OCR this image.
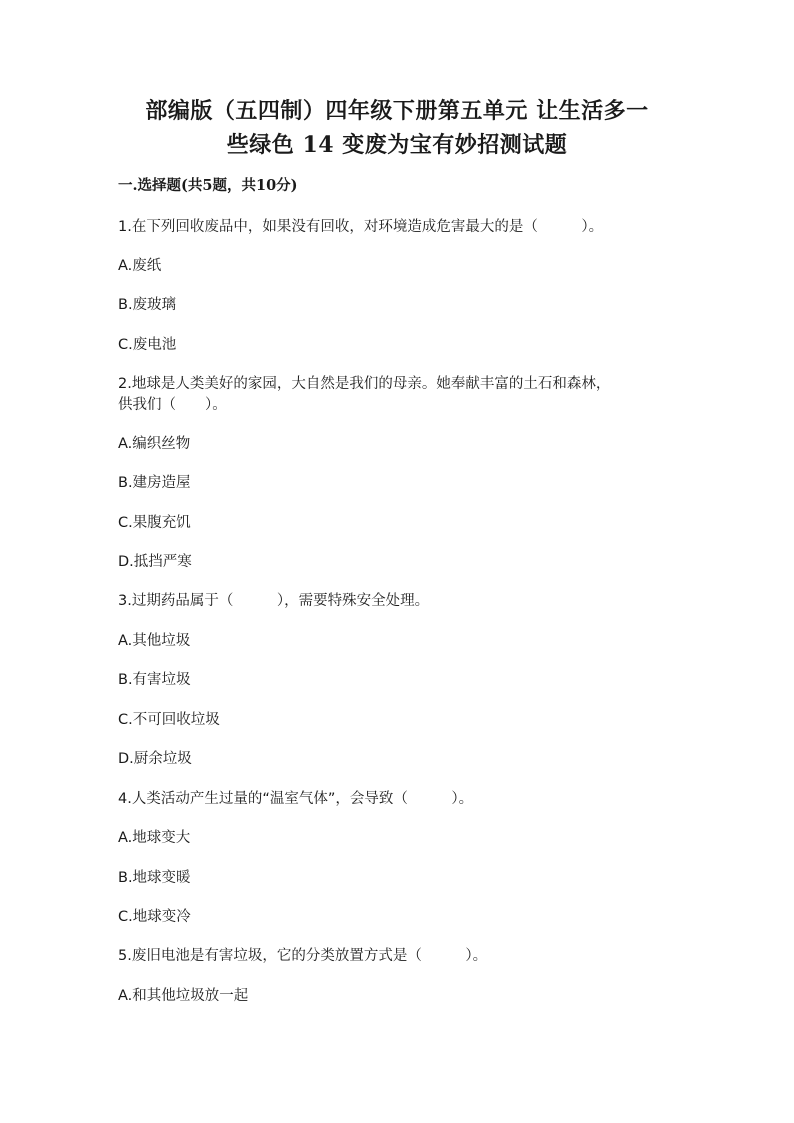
部编版（五四制）四年级下册第五单元 让生活多一
些绿色 14 变废为宝有妙招测试题
一.选择题(共5题，共10分)
1.在下列回收废品中，如果没有回收，对环境造成危害最大的是（　　　）。
A.废纸
B.废玻璃
C.废电池
2.地球是人类美好的家园，大自然是我们的母亲。她奉献丰富的土石和森林，
供我们（　　）。
A.编织丝物
B.建房造屋
C.果腹充饥
D.抵挡严寒
3.过期药品属于（　　　），需要特殊安全处理。
A.其他垃圾
B.有害垃圾
C.不可回收垃圾
D.厨余垃圾
4.人类活动产生过量的“温室气体”，会导致（　　　）。
A.地球变大
B.地球变暖
C.地球变冷
5.废旧电池是有害垃圾，它的分类放置方式是（　　　）。
A.和其他垃圾放一起
